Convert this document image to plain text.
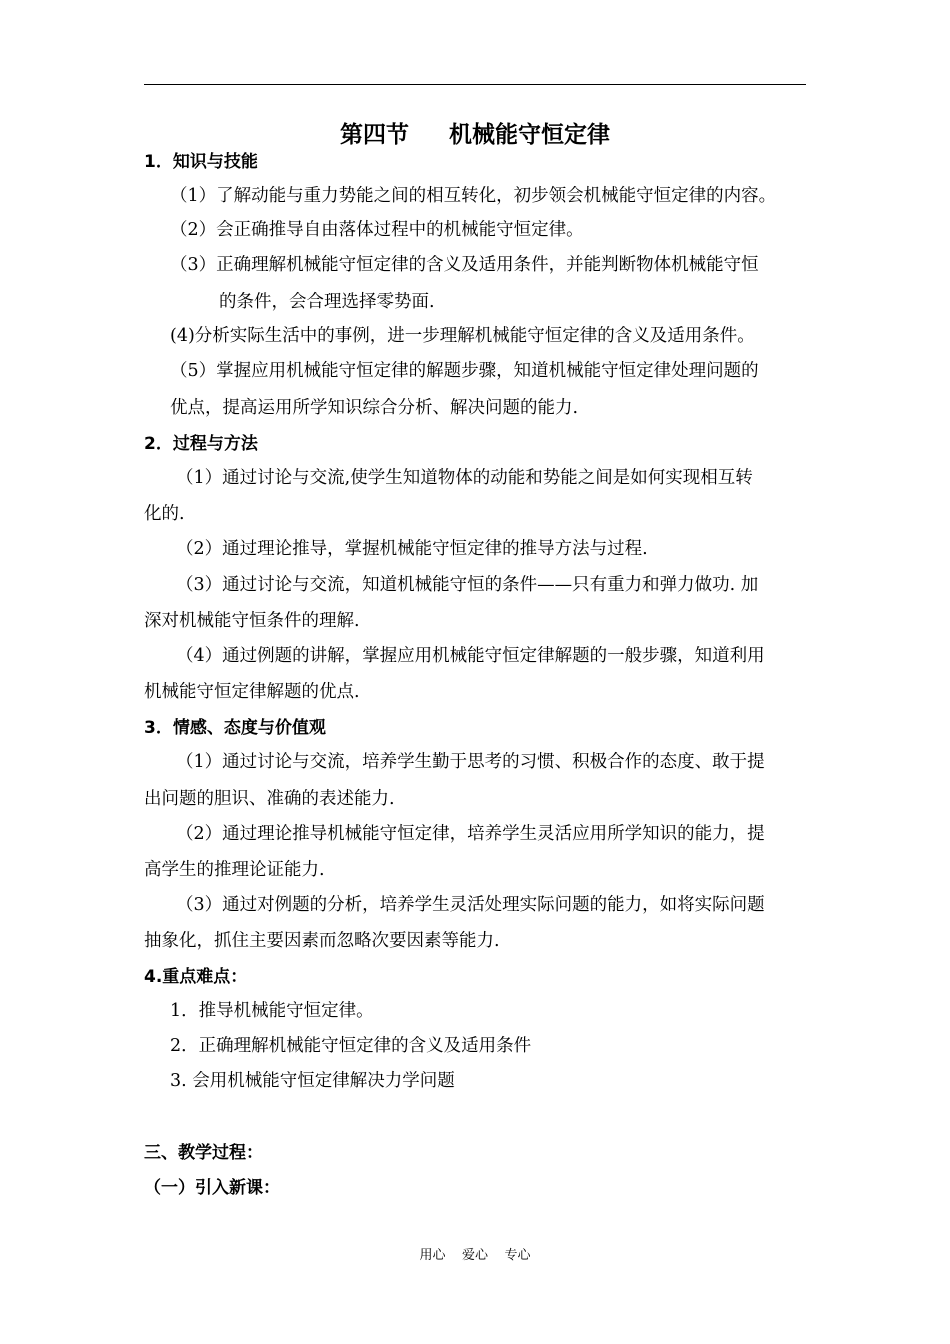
第四节     机械能守恒定律
1．知识与技能
（1）了解动能与重力势能之间的相互转化，初步领会机械能守恒定律的内容。
（2）会正确推导自由落体过程中的机械能守恒定律。
（3）正确理解机械能守恒定律的含义及适用条件，并能判断物体机械能守恒
的条件，会合理选择零势面.
(4)分析实际生活中的事例，进一步理解机械能守恒定律的含义及适用条件。
（5）掌握应用机械能守恒定律的解题步骤，知道机械能守恒定律处理问题的
优点，提高运用所学知识综合分析、解决问题的能力.
2．过程与方法
（1）通过讨论与交流,使学生知道物体的动能和势能之间是如何实现相互转
化的.
（2）通过理论推导，掌握机械能守恒定律的推导方法与过程.
（3）通过讨论与交流，知道机械能守恒的条件——只有重力和弹力做功. 加
深对机械能守恒条件的理解.
（4）通过例题的讲解，掌握应用机械能守恒定律解题的一般步骤，知道利用
机械能守恒定律解题的优点.
3．情感、态度与价值观
（1）通过讨论与交流，培养学生勤于思考的习惯、积极合作的态度、敢于提
出问题的胆识、准确的表述能力.
（2）通过理论推导机械能守恒定律，培养学生灵活应用所学知识的能力，提
高学生的推理论证能力.
（3）通过对例题的分析，培养学生灵活处理实际问题的能力，如将实际问题
抽象化，抓住主要因素而忽略次要因素等能力.
4.重点难点：
1．推导机械能守恒定律。
2．正确理解机械能守恒定律的含义及适用条件
3. 会用机械能守恒定律解决力学问题
三、教学过程：
（一）引入新课：
用心    爱心    专心
